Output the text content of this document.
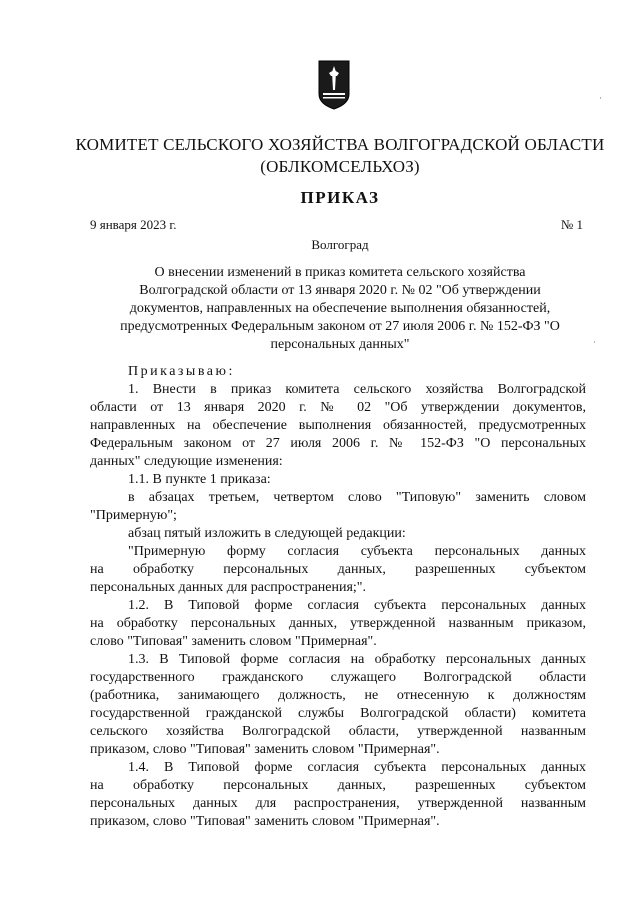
КОМИТЕТ СЕЛЬСКОГО ХОЗЯЙСТВА ВОЛГОГРАДСКОЙ ОБЛАСТИ
(ОБЛКОМСЕЛЬХОЗ)
ПРИКАЗ
9 января 2023 г.	№ 1
Волгоград
О внесении изменений в приказ комитета сельского хозяйства
Волгоградской области от 13 января 2020 г. № 02 "Об утверждении
документов, направленных на обеспечение выполнения обязанностей,
предусмотренных Федеральным законом от 27 июля 2006 г. № 152-ФЗ "О
персональных данных"
Приказываю:
1. Внести в приказ комитета сельского хозяйства Волгоградской
области от 13 января 2020 г. № 02 "Об утверждении документов,
направленных на обеспечение выполнения обязанностей, предусмотренных
Федеральным законом от 27 июля 2006 г. № 152-ФЗ "О персональных
данных" следующие изменения:
1.1. В пункте 1 приказа:
в абзацах третьем, четвертом слово "Типовую" заменить словом
"Примерную";
абзац пятый изложить в следующей редакции:
"Примерную форму согласия субъекта персональных данных
на обработку персональных данных, разрешенных субъектом
персональных данных для распространения;".
1.2. В Типовой форме согласия субъекта персональных данных
на обработку персональных данных, утвержденной названным приказом,
слово "Типовая" заменить словом "Примерная".
1.3. В Типовой форме согласия на обработку персональных данных
государственного гражданского служащего Волгоградской области
(работника, занимающего должность, не отнесенную к должностям
государственной гражданской службы Волгоградской области) комитета
сельского хозяйства Волгоградской области, утвержденной названным
приказом, слово "Типовая" заменить словом "Примерная".
1.4. В Типовой форме согласия субъекта персональных данных
на обработку персональных данных, разрешенных субъектом
персональных данных для распространения, утвержденной названным
приказом, слово "Типовая" заменить словом "Примерная".
·
·
